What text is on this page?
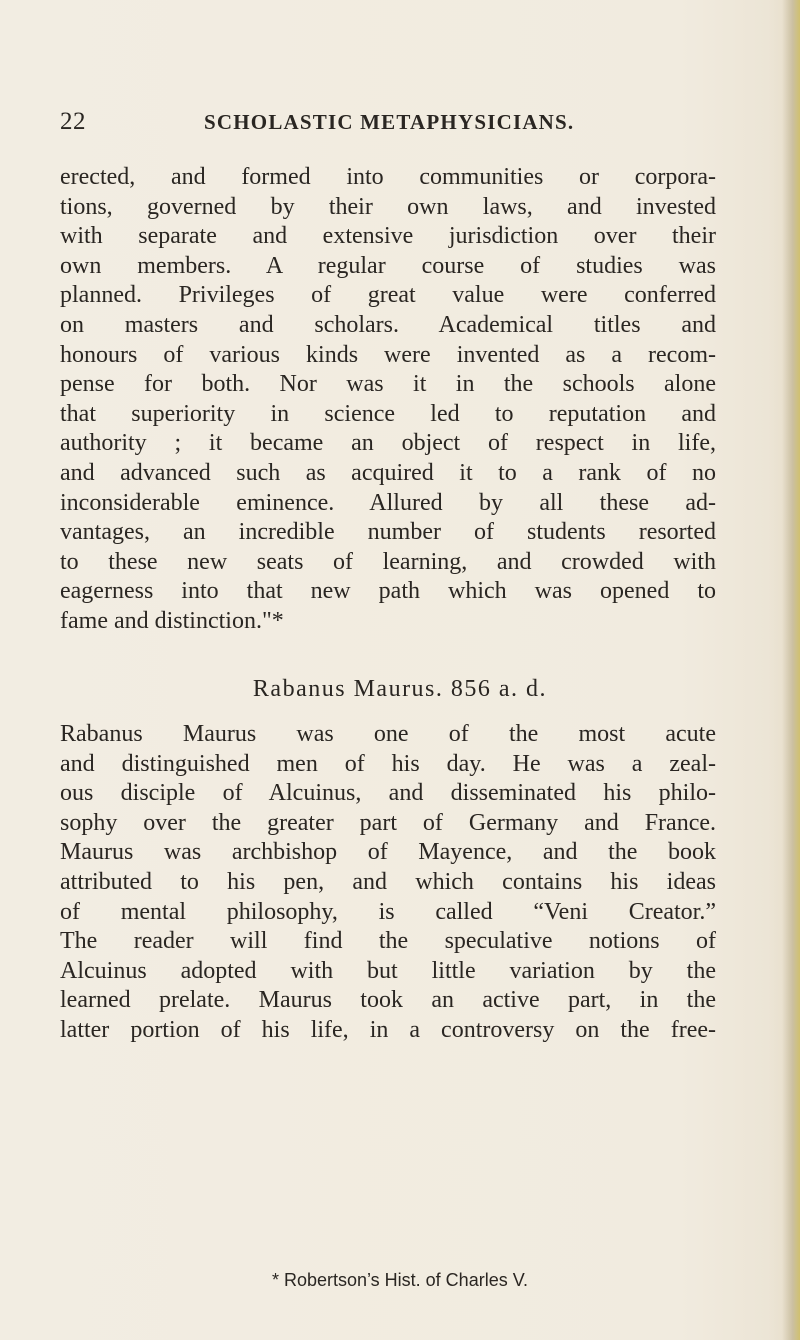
22	SCHOLASTIC METAPHYSICIANS.
erected, and formed into communities or corpora-
tions, governed by their own laws, and invested
with separate and extensive jurisdiction over their
own members. A regular course of studies was
planned. Privileges of great value were conferred
on masters and scholars. Academical titles and
honours of various kinds were invented as a recom-
pense for both. Nor was it in the schools alone
that superiority in science led to reputation and
authority ; it became an object of respect in life,
and advanced such as acquired it to a rank of no
inconsiderable eminence. Allured by all these ad-
vantages, an incredible number of students resorted
to these new seats of learning, and crowded with
eagerness into that new path which was opened to
fame and distinction."*
Rabanus Maurus. 856 a. d.
Rabanus Maurus was one of the most acute
and distinguished men of his day. He was a zeal-
ous disciple of Alcuinus, and disseminated his philo-
sophy over the greater part of Germany and France.
Maurus was archbishop of Mayence, and the book
attributed to his pen, and which contains his ideas
of mental philosophy, is called “Veni Creator.”
The reader will find the speculative notions of
Alcuinus adopted with but little variation by the
learned prelate. Maurus took an active part, in the
latter portion of his life, in a controversy on the free-
* Robertson’s Hist. of Charles V.
